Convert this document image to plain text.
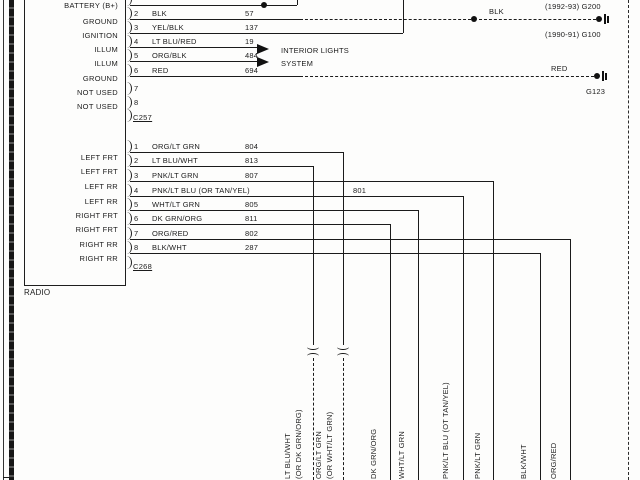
RADIO
BATTERY (B+)
GROUND
2 BLK	57
IGNITION
3 YEL/BLK	137
ILLUM
4 LT BLU/RED	19
INTERIOR LIGHTS
ILLUM
5 ORG/BLK	484
SYSTEM
GROUND
6 RED	694
NOT USED 7
NOT USED 8
C257
BLK
(1992-93) G200
(1990-91) G100
RED
G123
LEFT FRT
1 ORG/LT GRN	804
LEFT FRT
2 LT BLU/WHT	813
LEFT RR
3 PNK/LT GRN	807
LEFT RR
4 PNK/LT BLU (OR TAN/YEL)	801
RIGHT FRT
5 WHT/LT GRN	805
RIGHT FRT
6 DK GRN/ORG	811
RIGHT RR
7 ORG/RED	802
RIGHT RR
8 BLK/WHT	287
C268
LT BLU/WHT (OR DK GRN/ORG) ORG/LT GRN (OR WHT/LT GRN)	DK GRN/ORG	WHT/LT GRN	PNK/LT BLU (OT TAN/YEL)	PNK/LT GRN	BLK/WHT	ORG/RED
